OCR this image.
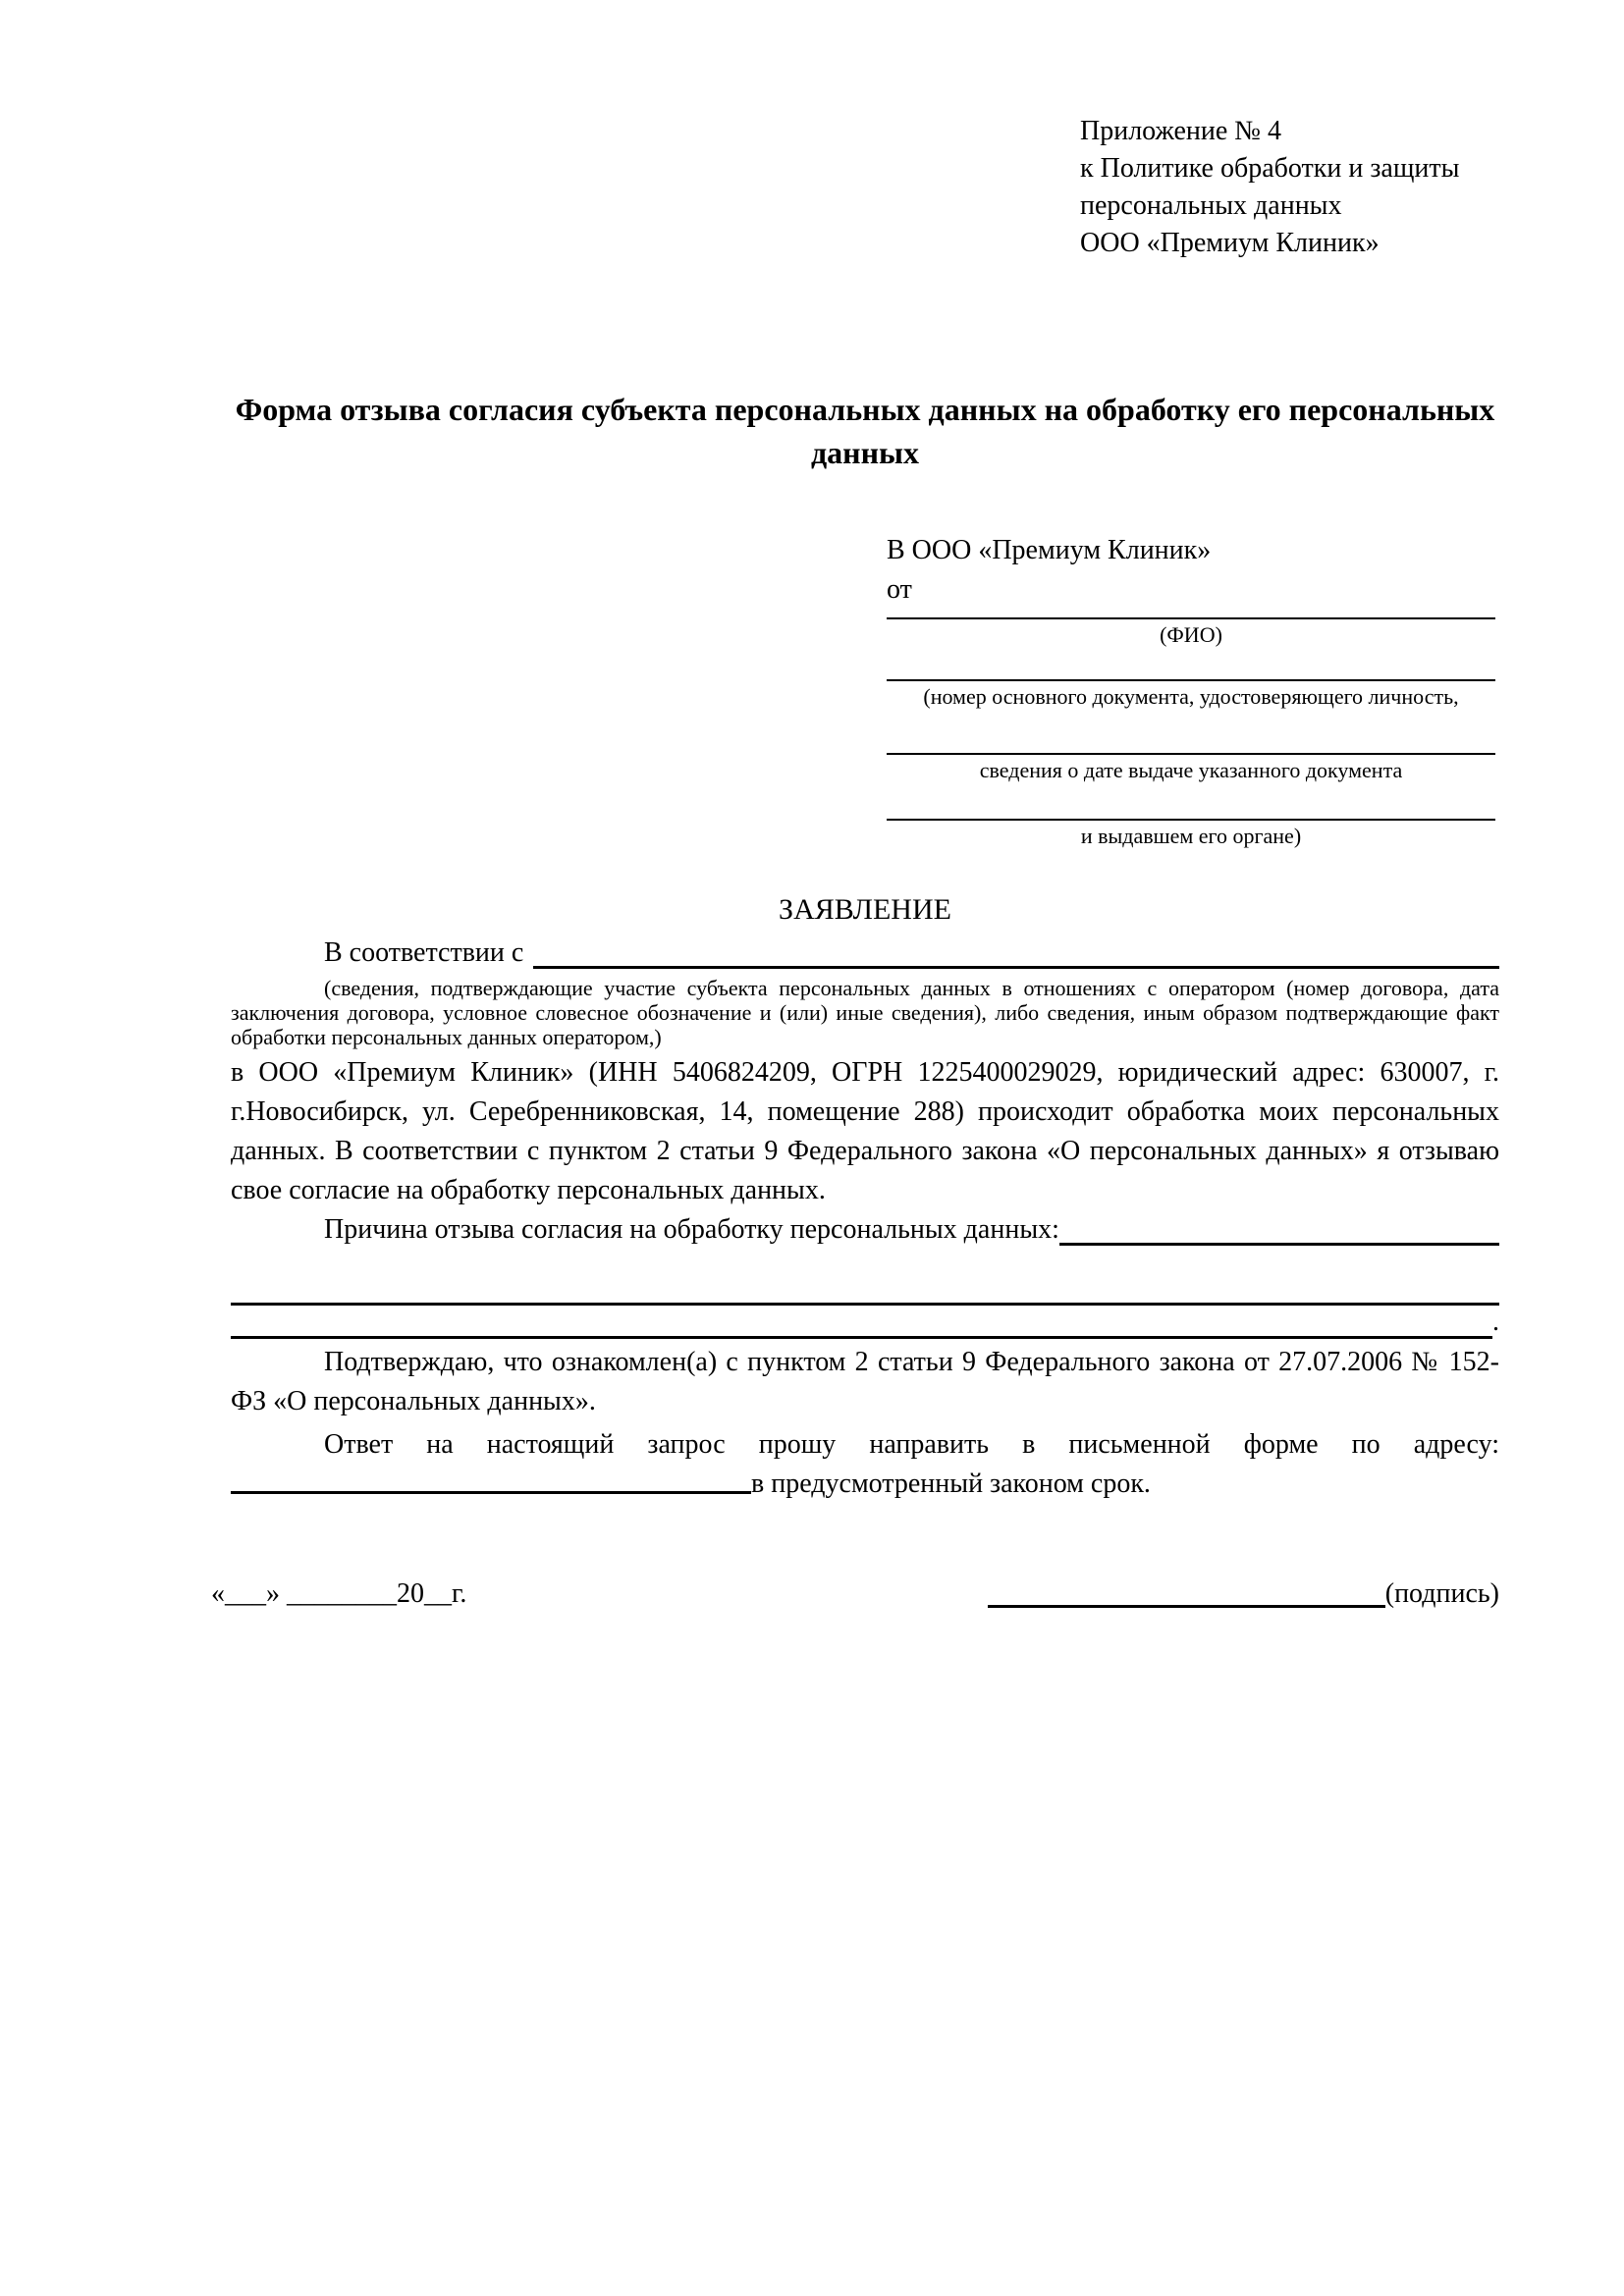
Приложение № 4
к Политике обработки и защиты
персональных данных
ООО «Премиум Клиник»
Форма отзыва согласия субъекта персональных данных на обработку его персональных данных
В ООО «Премиум Клиник»
от
(ФИО)
(номер основного документа, удостоверяющего личность,
сведения о дате выдаче указанного документа
и выдавшем его органе)
ЗАЯВЛЕНИЕ
В соответствии с
(сведения, подтверждающие участие субъекта персональных данных в отношениях с оператором (номер договора, дата заключения договора, условное словесное обозначение и (или) иные сведения), либо сведения, иным образом подтверждающие факт обработки персональных данных оператором,)

в ООО «Премиум Клиник» (ИНН 5406824209, ОГРН 1225400029029, юридический адрес: 630007, г. г.Новосибирск, ул. Серебренниковская, 14, помещение 288) происходит обработка моих персональных данных. В соответствии с пунктом 2 статьи 9 Федерального закона «О персональных данных» я отзываю свое согласие на обработку персональных данных.

Причина отзыва согласия на обработку персональных данных:
.

Подтверждаю, что ознакомлен(а) с пунктом 2 статьи 9 Федерального закона от 27.07.2006 № 152-ФЗ «О персональных данных».

Ответ на настоящий запрос прошу направить в письменной форме по адресу: в предусмотренный законом срок.

«___» ________20__г.	(подпись)
